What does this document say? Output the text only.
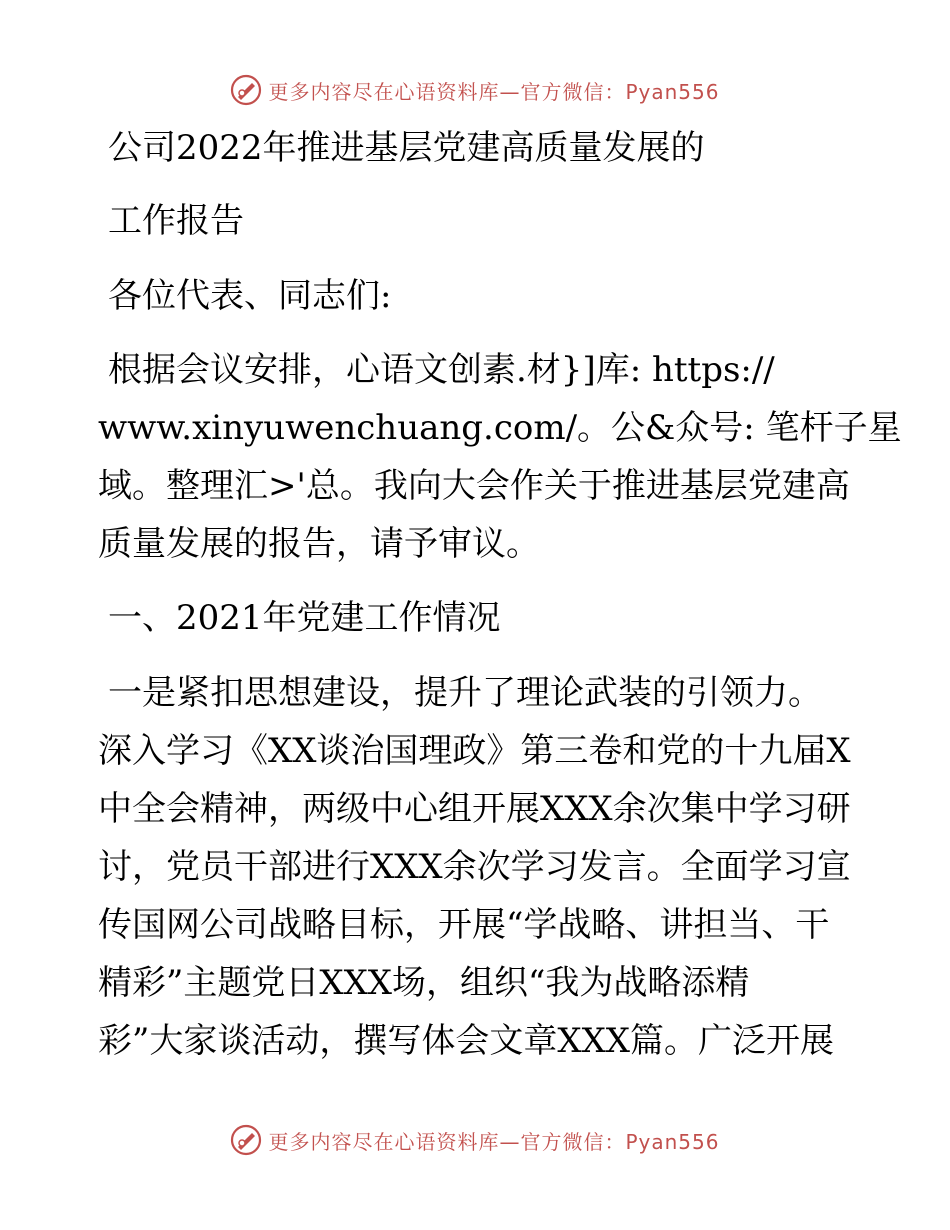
更多内容尽在心语资料库—官方微信：Pyan556
公司2022年推进基层党建高质量发展的
工作报告
各位代表、同志们:
根据会议安排，心语文创素.材}]库: https://
www.xinyuwenchuang.com/。公&众号: 笔杆子星
域。整理汇>'总。我向大会作关于推进基层党建高
质量发展的报告，请予审议。
一、2021年党建工作情况
一是紧扣思想建设，提升了理论武装的引领力。
深入学习《XX谈治国理政》第三卷和党的十九届X
中全会精神，两级中心组开展XXX余次集中学习研
讨，党员干部进行XXX余次学习发言。全面学习宣
传国网公司战略目标，开展“学战略、讲担当、干
精彩”主题党日XXX场，组织“我为战略添精
彩”大家谈活动，撰写体会文章XXX篇。广泛开展
更多内容尽在心语资料库—官方微信：Pyan556
